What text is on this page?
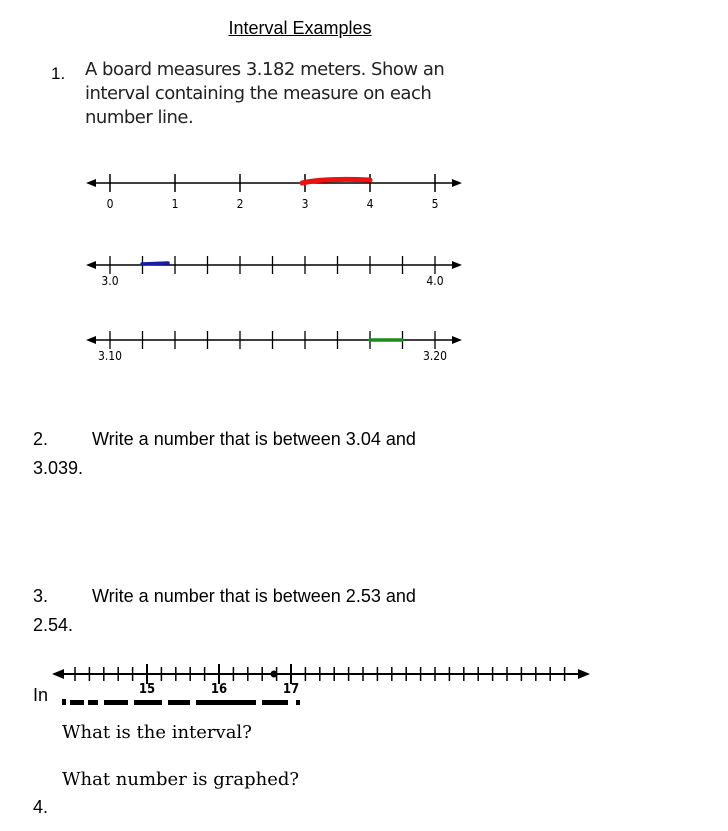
Interval Examples
1. A board measures 3.182 meters. Show an interval containing the measure on each number line.
0	1	2	3	4	5
3.0	4.0
3.10	3.20
2. Write a number that is between 3.04 and
3.039.
3. Write a number that is between 2.53 and
2.54.
In	15	16	17
What is the interval?
What number is graphed?
4.
